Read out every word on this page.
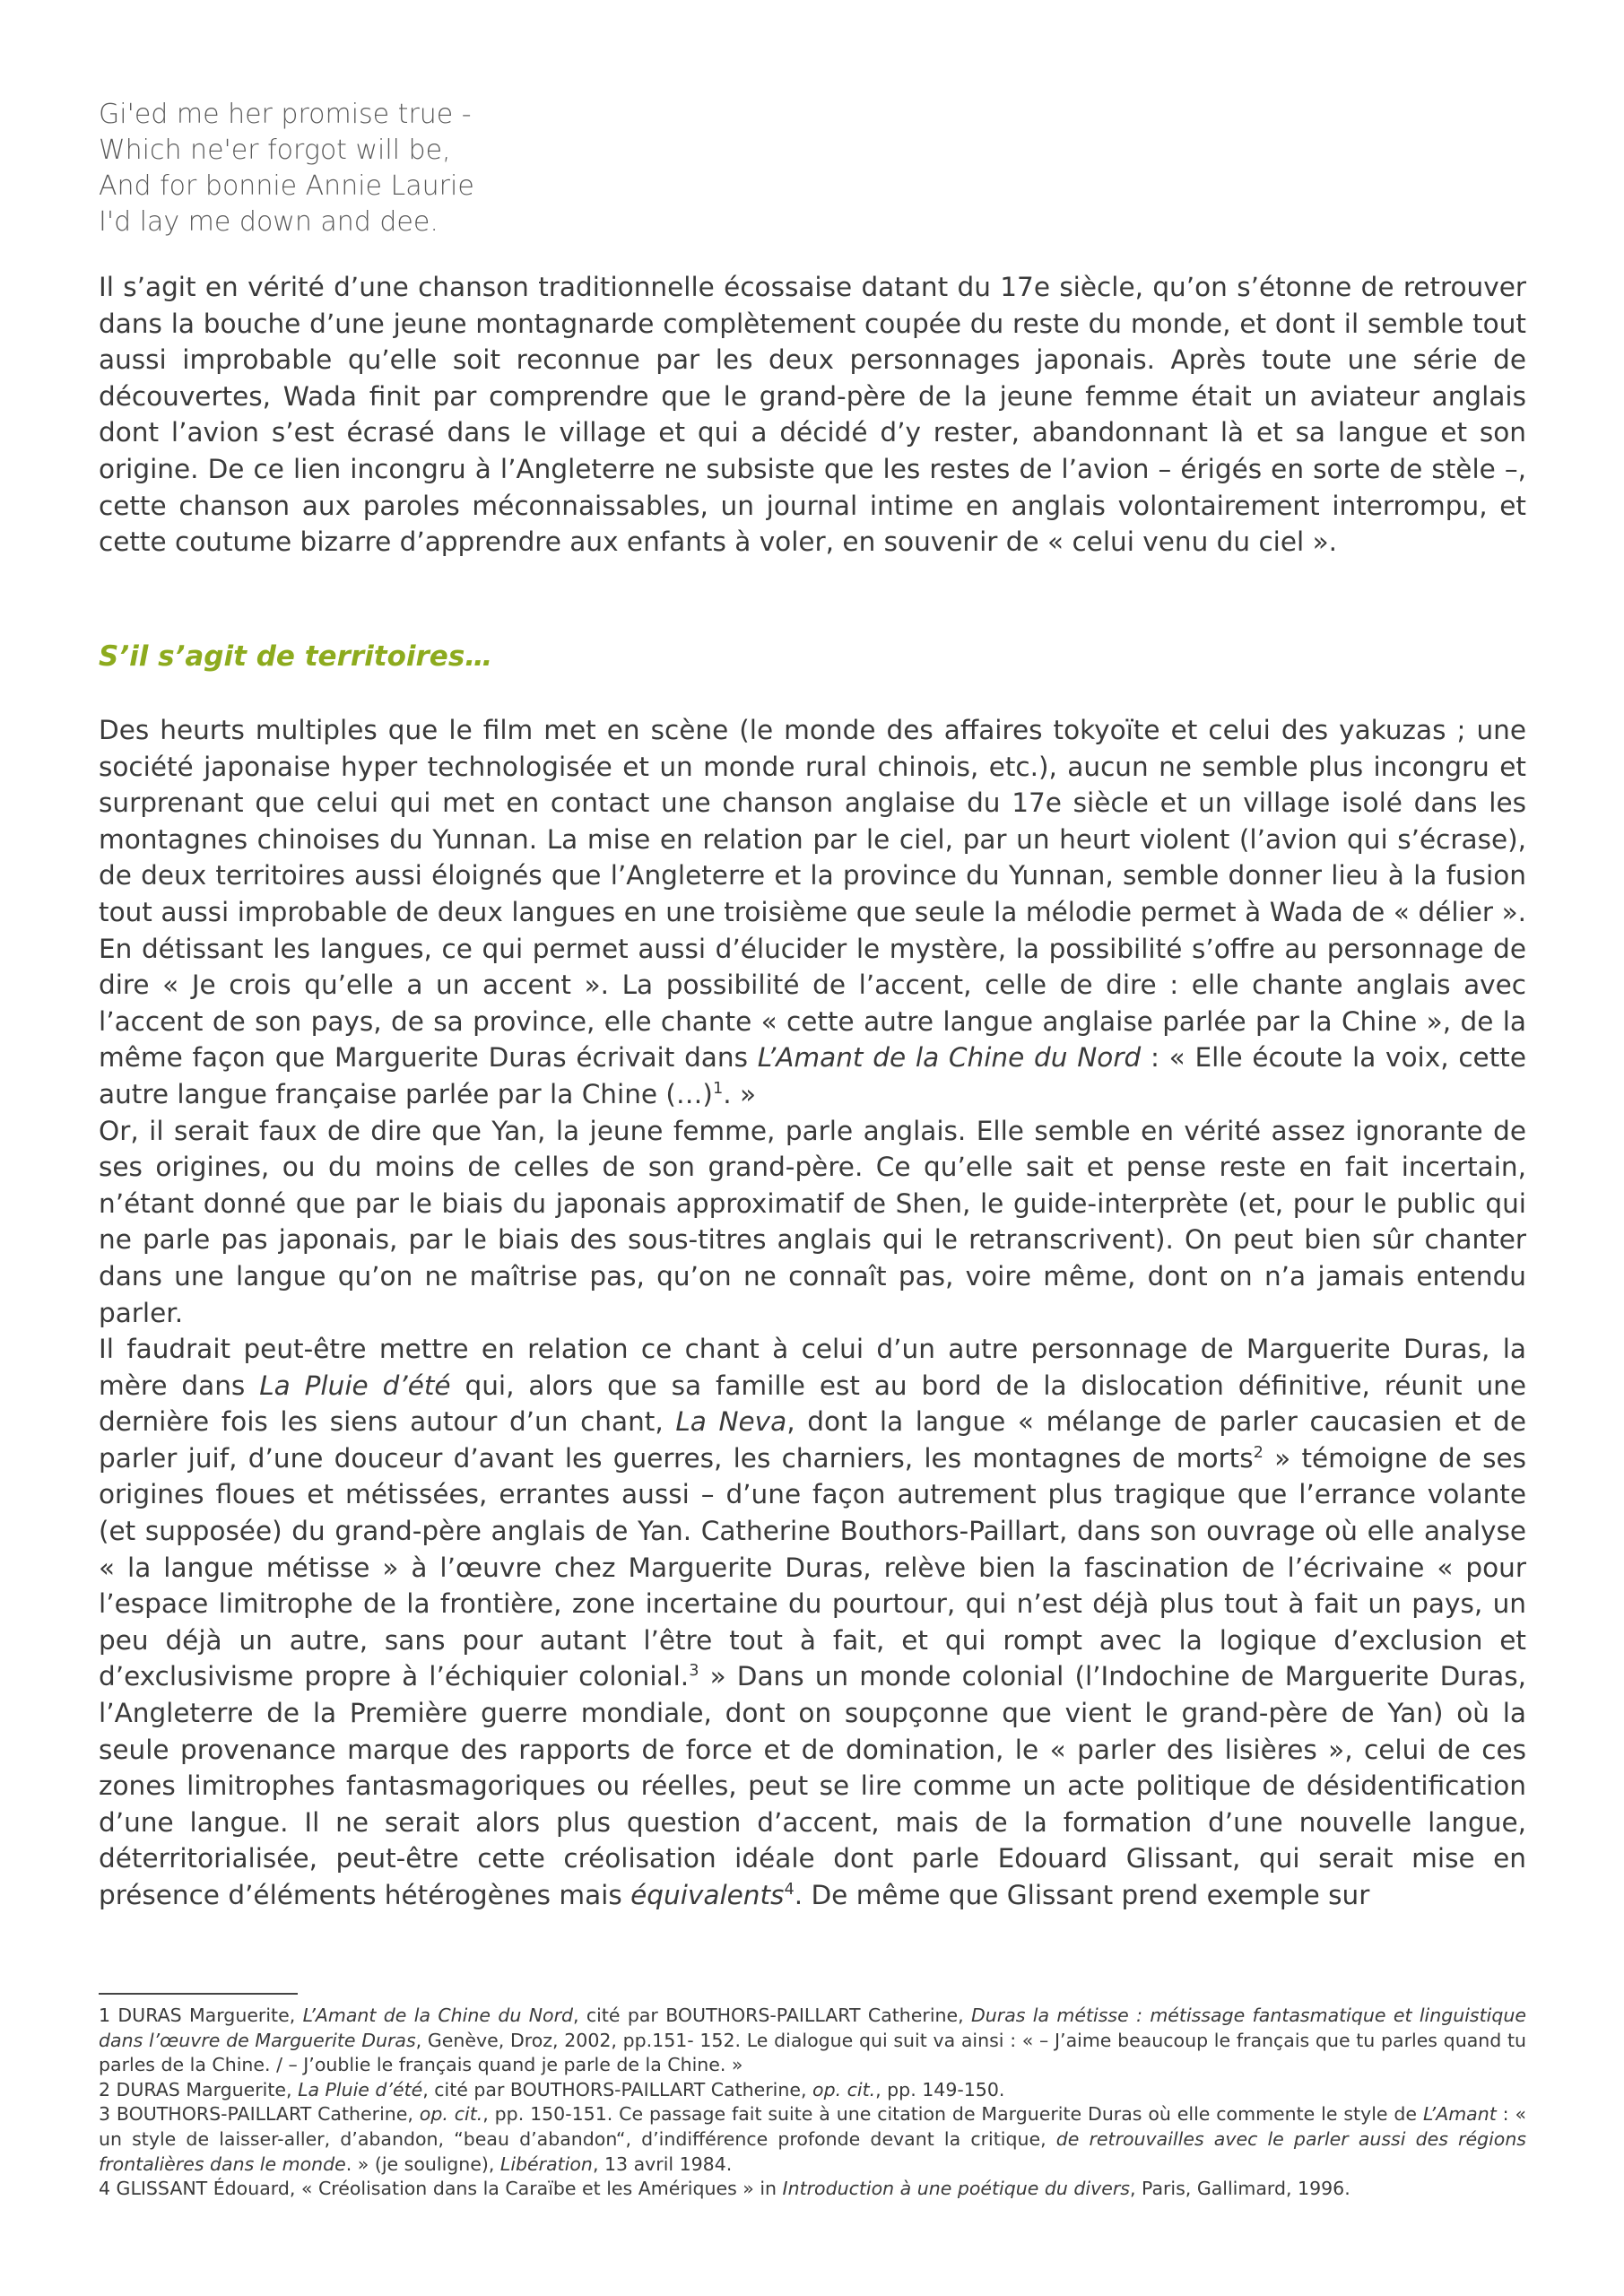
Gi'ed me her promise true -
Which ne'er forgot will be,
And for bonnie Annie Laurie
I'd lay me down and dee.

Il s’agit en vérité d’une chanson traditionnelle écossaise datant du 17e siècle, qu’on s’étonne de retrouver dans la bouche d’une jeune montagnarde complètement coupée du reste du monde, et dont il semble tout aussi improbable qu’elle soit reconnue par les deux personnages japonais. Après toute une série de découvertes, Wada finit par comprendre que le grand-père de la jeune femme était un aviateur anglais dont l’avion s’est écrasé dans le village et qui a décidé d’y rester, abandonnant là et sa langue et son origine. De ce lien incongru à l’Angleterre ne subsiste que les restes de l’avion – érigés en sorte de stèle –, cette chanson aux paroles méconnaissables, un journal intime en anglais volontairement interrompu, et cette coutume bizarre d’apprendre aux enfants à voler, en souvenir de « celui venu du ciel ».

S’il s’agit de territoires…

Des heurts multiples que le film met en scène (le monde des affaires tokyoïte et celui des yakuzas ; une société japonaise hyper technologisée et un monde rural chinois, etc.), aucun ne semble plus incongru et surprenant que celui qui met en contact une chanson anglaise du 17e siècle et un village isolé dans les montagnes chinoises du Yunnan. La mise en relation par le ciel, par un heurt violent (l’avion qui s’écrase), de deux territoires aussi éloignés que l’Angleterre et la province du Yunnan, semble donner lieu à la fusion tout aussi improbable de deux langues en une troisième que seule la mélodie permet à Wada de « délier ». En détissant les langues, ce qui permet aussi d’élucider le mystère, la possibilité s’offre au personnage de dire « Je crois qu’elle a un accent ». La possibilité de l’accent, celle de dire : elle chante anglais avec l’accent de son pays, de sa province, elle chante « cette autre langue anglaise parlée par la Chine », de la même façon que Marguerite Duras écrivait dans L’Amant de la Chine du Nord : « Elle écoute la voix, cette autre langue française parlée par la Chine (…)$^1$. »

Or, il serait faux de dire que Yan, la jeune femme, parle anglais. Elle semble en vérité assez ignorante de ses origines, ou du moins de celles de son grand-père. Ce qu’elle sait et pense reste en fait incertain, n’étant donné que par le biais du japonais approximatif de Shen, le guide-interprète (et, pour le public qui ne parle pas japonais, par le biais des sous-titres anglais qui le retranscrivent). On peut bien sûr chanter dans une langue qu’on ne maîtrise pas, qu’on ne connaît pas, voire même, dont on n’a jamais entendu parler.

Il faudrait peut-être mettre en relation ce chant à celui d’un autre personnage de Marguerite Duras, la mère dans La Pluie d’été qui, alors que sa famille est au bord de la dislocation définitive, réunit une dernière fois les siens autour d’un chant, La Neva, dont la langue « mélange de parler caucasien et de parler juif, d’une douceur d’avant les guerres, les charniers, les montagnes de morts$^2$ » témoigne de ses origines floues et métissées, errantes aussi – d’une façon autrement plus tragique que l’errance volante (et supposée) du grand-père anglais de Yan. Catherine Bouthors-Paillart, dans son ouvrage où elle analyse « la langue métisse » à l’œuvre chez Marguerite Duras, relève bien la fascination de l’écrivaine « pour l’espace limitrophe de la frontière, zone incertaine du pourtour, qui n’est déjà plus tout à fait un pays, un peu déjà un autre, sans pour autant l’être tout à fait, et qui rompt avec la logique d’exclusion et d’exclusivisme propre à l’échiquier colonial.$^3$ » Dans un monde colonial (l’Indochine de Marguerite Duras, l’Angleterre de la Première guerre mondiale, dont on soupçonne que vient le grand-père de Yan) où la seule provenance marque des rapports de force et de domination, le « parler des lisières », celui de ces zones limitrophes fantasmagoriques ou réelles, peut se lire comme un acte politique de désidentification d’une langue. Il ne serait alors plus question d’accent, mais de la formation d’une nouvelle langue, déterritorialisée, peut-être cette créolisation idéale dont parle Edouard Glissant, qui serait mise en présence d’éléments hétérogènes mais équivalents$^4$. De même que Glissant prend exemple sur

1 DURAS Marguerite, L’Amant de la Chine du Nord, cité par BOUTHORS-PAILLART Catherine, Duras la métisse : métissage fantasmatique et linguistique dans l’œuvre de Marguerite Duras, Genève, Droz, 2002, pp.151- 152. Le dialogue qui suit va ainsi : « – J’aime beaucoup le français que tu parles quand tu parles de la Chine. / – J’oublie le français quand je parle de la Chine. »

2 DURAS Marguerite, La Pluie d’été, cité par BOUTHORS-PAILLART Catherine, op. cit., pp. 149-150.

3 BOUTHORS-PAILLART Catherine, op. cit., pp. 150-151. Ce passage fait suite à une citation de Marguerite Duras où elle commente le style de L’Amant : « un style de laisser-aller, d’abandon, “beau d’abandon“, d’indifférence profonde devant la critique, de retrouvailles avec le parler aussi des régions frontalières dans le monde. » (je souligne), Libération, 13 avril 1984.

4 GLISSANT Édouard, « Créolisation dans la Caraïbe et les Amériques » in Introduction à une poétique du divers, Paris, Gallimard, 1996.
